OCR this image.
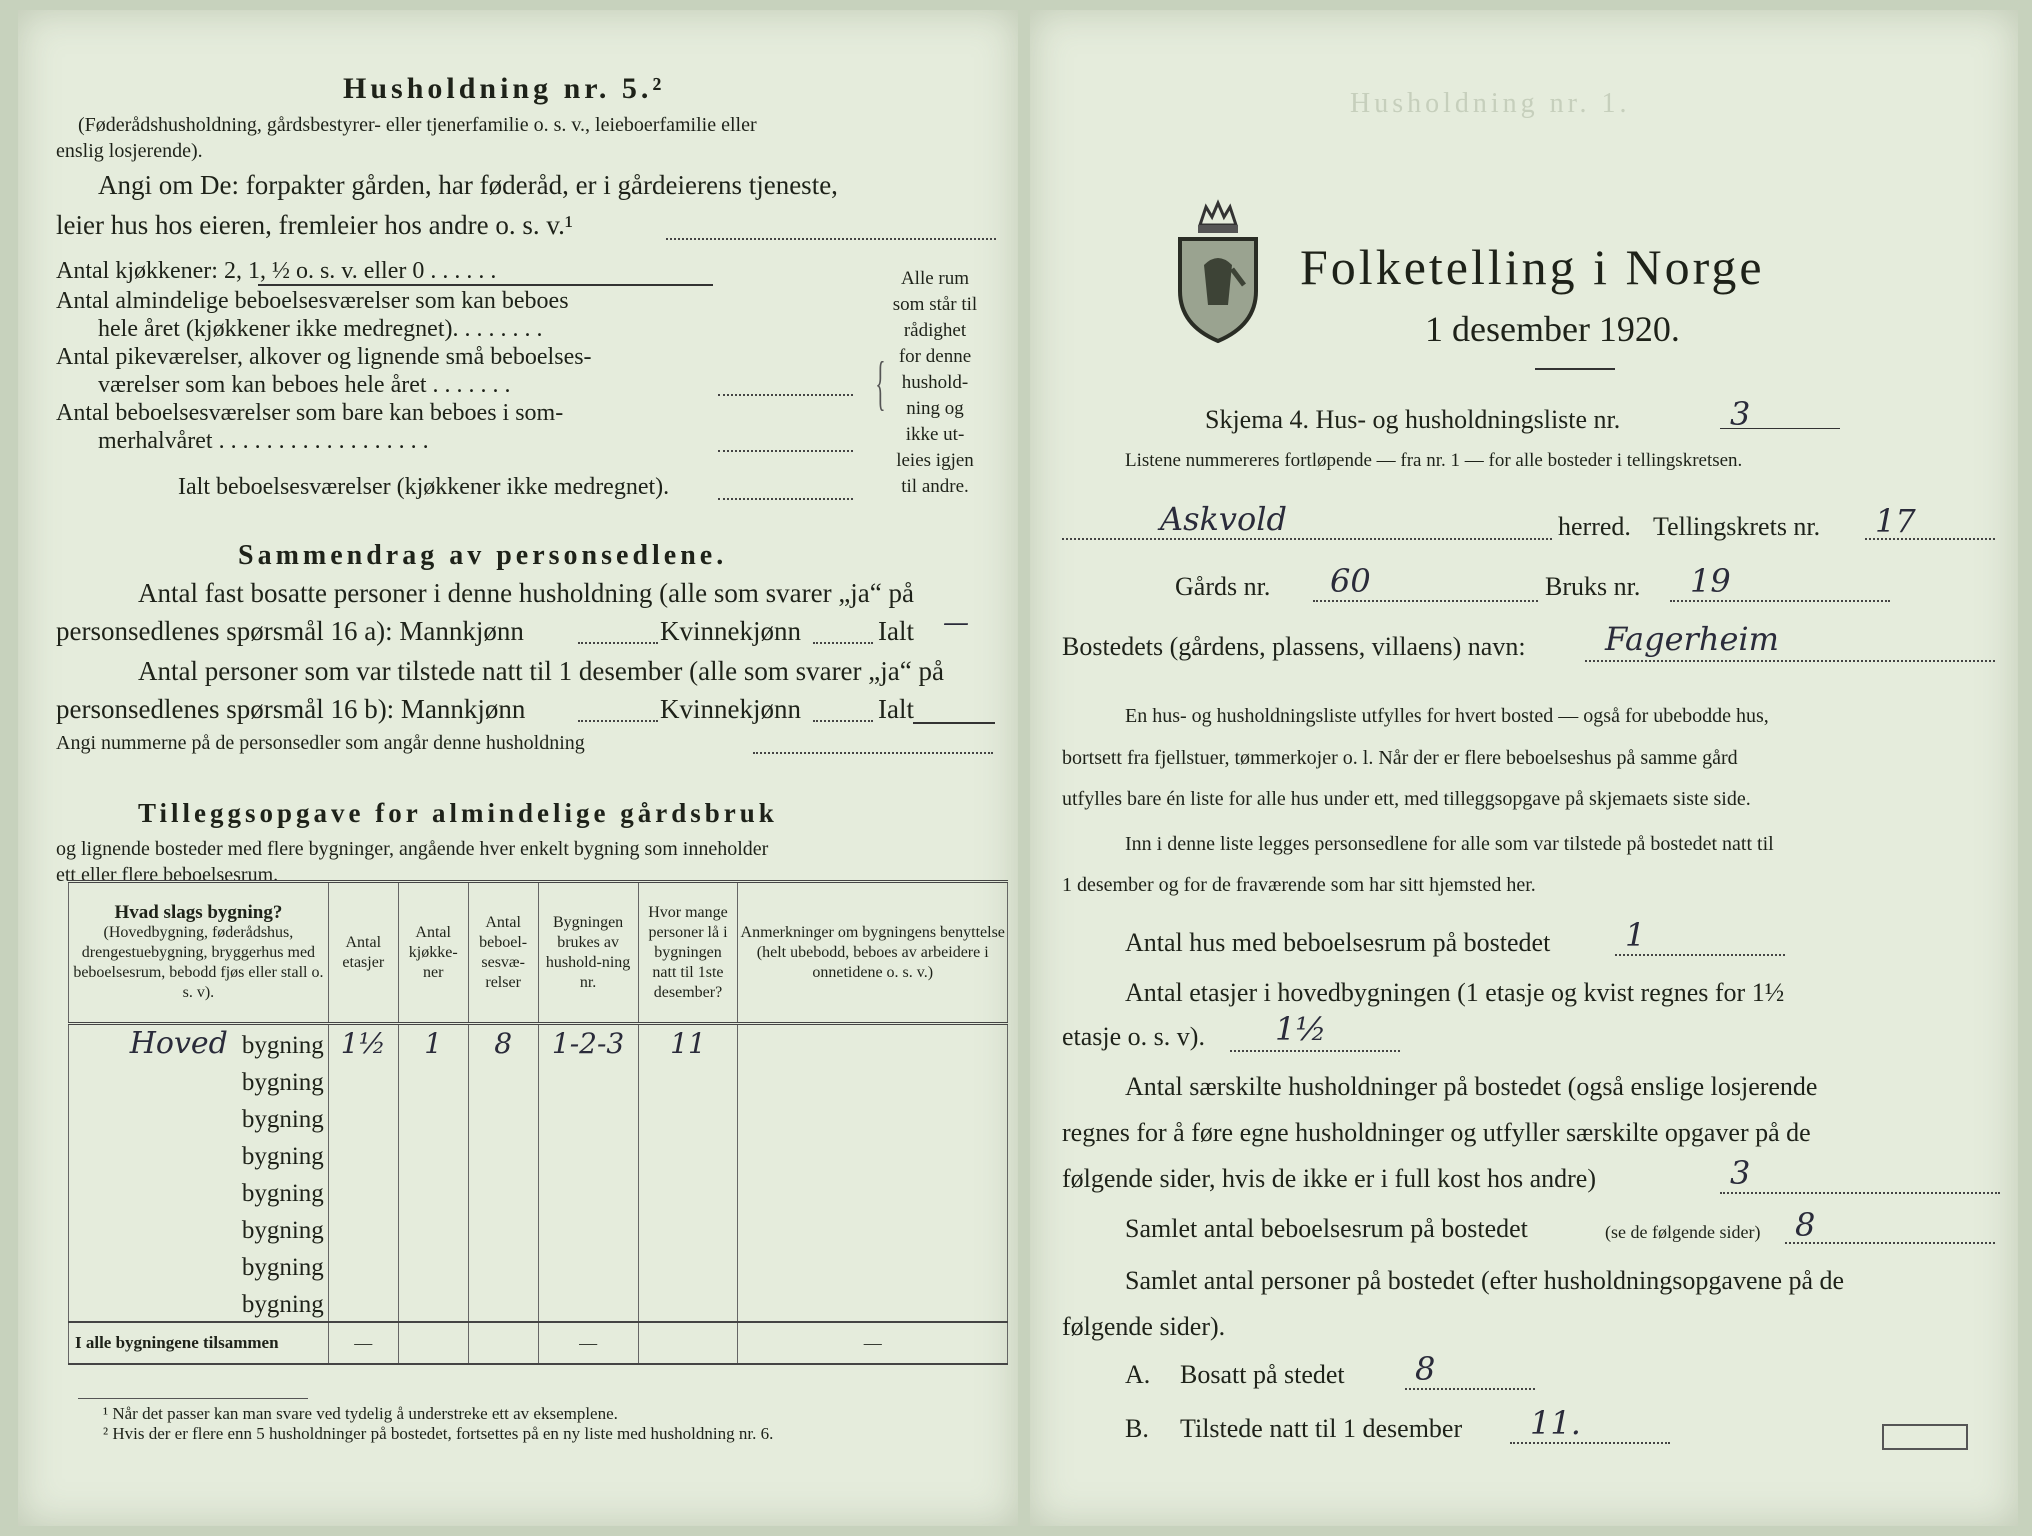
Husholdning nr. 5.²
(Føderådshusholdning, gårdsbestyrer- eller tjenerfamilie o. s. v., leieboerfamilie eller
enslig losjerende).
Angi om De: forpakter gården, har føderåd, er i gårdeierens tjeneste,
leier hus hos eieren, fremleier hos andre o. s. v.¹
Antal kjøkkener: 2, 1, ½ o. s. v. eller 0 . . . . . .
Antal almindelige beboelsesværelser som kan beboes
hele året (kjøkkener ikke medregnet). . . . . . . .
Antal pikeværelser, alkover og lignende små beboelses-
værelser som kan beboes hele året . . . . . . .
Antal beboelsesværelser som bare kan beboes i som-
merhalvåret . . . . . . . . . . . . . . . . . .
Ialt beboelsesværelser (kjøkkener ikke medregnet).
{
Alle rum
som står til
rådighet
for denne
hushold-
ning og
ikke ut-
leies igjen
til andre.
Sammendrag av personsedlene.
Antal fast bosatte personer i denne husholdning (alle som svarer „ja“ på
personsedlenes spørsmål 16 a): Mannkjønn	Kvinnekjønn	Ialt —
Antal personer som var tilstede natt til 1 desember (alle som svarer „ja“ på
personsedlenes spørsmål 16 b): Mannkjønn	Kvinnekjønn	Ialt
Angi nummerne på de personsedler som angår denne husholdning
Tilleggsopgave for almindelige gårdsbruk
og lignende bosteder med flere bygninger, angående hver enkelt bygning som inneholder
ett eller flere beboelsesrum.
Hvad slags bygning?
(Hovedbygning, føderådshus, drengestuebygning, bryggerhus med beboelsesrum, bebodd fjøs eller stall o. s. v).	Antal etasjer	Antal kjøkke-ner	Antal beboel-sesvæ-relser	Bygningen brukes av hushold-ning nr.	Hvor mange personer lå i bygningen natt til 1ste desember?	Anmerkninger om bygningens benyttelse (helt ubebodd, beboes av arbeidere i onnetidene o. s. v.)
Hoved bygning	1½	1	8	1-2-3	11	
bygning						
bygning						
bygning						
bygning						
bygning						
bygning						
bygning						
I alle bygningene tilsammen	—			—		—
¹ Når det passer kan man svare ved tydelig å understreke ett av eksemplene.
² Hvis der er flere enn 5 husholdninger på bostedet, fortsettes på en ny liste med husholdning nr. 6.
Husholdning nr. 1.
Folketelling i Norge
1 desember 1920.
Skjema 4. Hus- og husholdningsliste nr.	3
Listene nummereres fortløpende — fra nr. 1 — for alle bosteder i tellingskretsen.
Askvold	herred. Tellingskrets nr. 17
Gårds nr. 60	Bruks nr. 19
Bostedets (gårdens, plassens, villaens) navn: Fagerheim
En hus- og husholdningsliste utfylles for hvert bosted — også for ubebodde hus,
bortsett fra fjellstuer, tømmerkojer o. l. Når der er flere beboelseshus på samme gård
utfylles bare én liste for alle hus under ett, med tilleggsopgave på skjemaets siste side.
Inn i denne liste legges personsedlene for alle som var tilstede på bostedet natt til
1 desember og for de fraværende som har sitt hjemsted her.
Antal hus med beboelsesrum på bostedet 1
Antal etasjer i hovedbygningen (1 etasje og kvist regnes for 1½
etasje o. s. v). 1½
Antal særskilte husholdninger på bostedet (også enslige losjerende
regnes for å føre egne husholdninger og utfyller særskilte opgaver på de
følgende sider, hvis de ikke er i full kost hos andre)	3
Samlet antal beboelsesrum på bostedet	(se de følgende sider) 8
Samlet antal personer på bostedet (efter husholdningsopgavene på de
følgende sider).
A. Bosatt på stedet 8
B. Tilstede natt til 1 desember 11.
